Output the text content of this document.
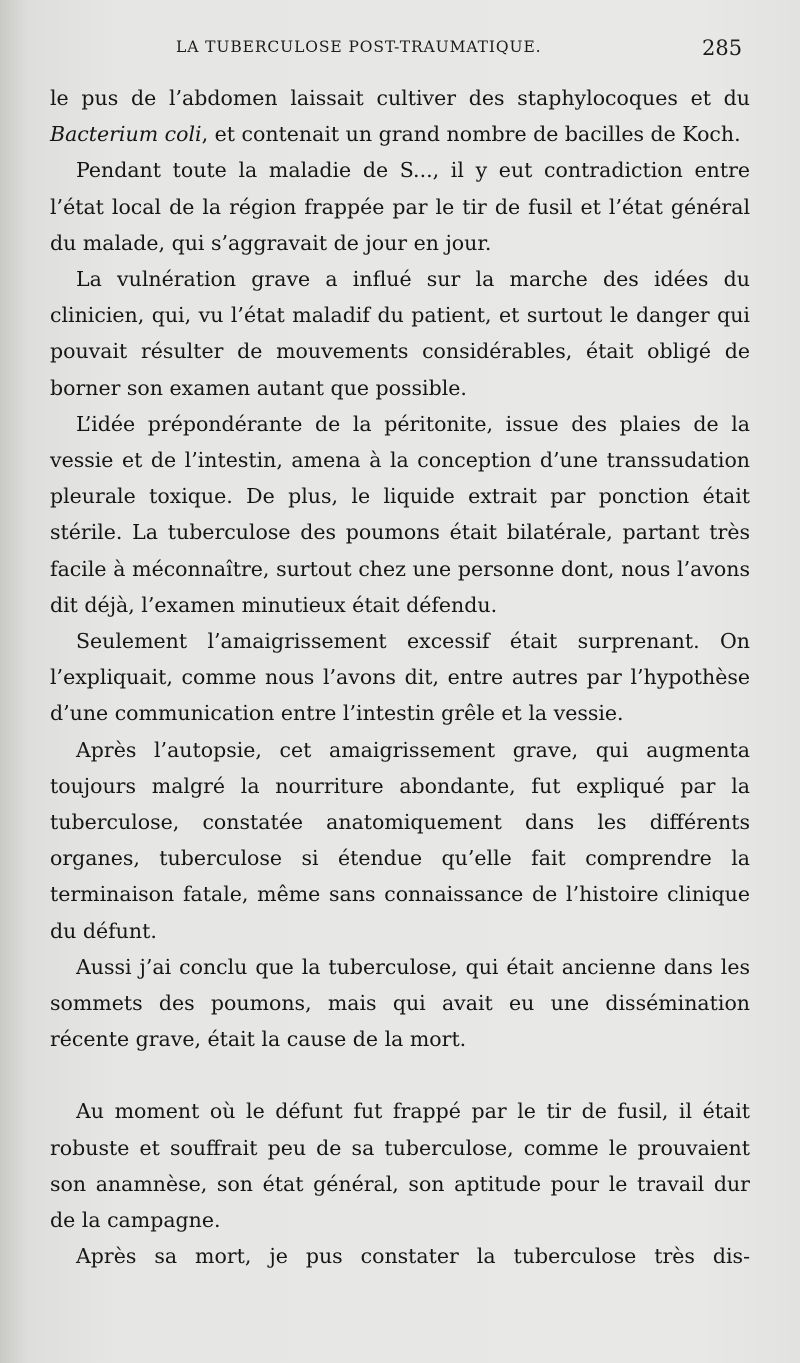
LA TUBERCULOSE POST-TRAUMATIQUE.	285

le pus de l’abdomen laissait cultiver des staphylocoques et du Bacterium coli, et contenait un grand nombre de bacilles de Koch.

Pendant toute la maladie de S..., il y eut contradiction entre l’état local de la région frappée par le tir de fusil et l’état général du malade, qui s’aggravait de jour en jour.

La vulnération grave a influé sur la marche des idées du clinicien, qui, vu l’état maladif du patient, et surtout le danger qui pouvait résulter de mouvements considérables, était obligé de borner son examen autant que possible.

L’idée prépondérante de la péritonite, issue des plaies de la vessie et de l’intestin, amena à la conception d’une transsudation pleurale toxique. De plus, le liquide extrait par ponction était stérile. La tuberculose des poumons était bilatérale, partant très facile à méconnaître, surtout chez une personne dont, nous l’avons dit déjà, l’examen minutieux était défendu.

Seulement l’amaigrissement excessif était surprenant. On l’expliquait, comme nous l’avons dit, entre autres par l’hypothèse d’une communication entre l’intestin grêle et la vessie.

Après l’autopsie, cet amaigrissement grave, qui augmenta toujours malgré la nourriture abondante, fut expliqué par la tuberculose, constatée anatomiquement dans les différents organes, tuberculose si étendue qu’elle fait comprendre la terminaison fatale, même sans connaissance de l’histoire clinique du défunt.

Aussi j’ai conclu que la tuberculose, qui était ancienne dans les sommets des poumons, mais qui avait eu une dissémination récente grave, était la cause de la mort.

Au moment où le défunt fut frappé par le tir de fusil, il était robuste et souffrait peu de sa tuberculose, comme le prouvaient son anamnèse, son état général, son aptitude pour le travail dur de la campagne.

Après sa mort, je pus constater la tuberculose très dis-
